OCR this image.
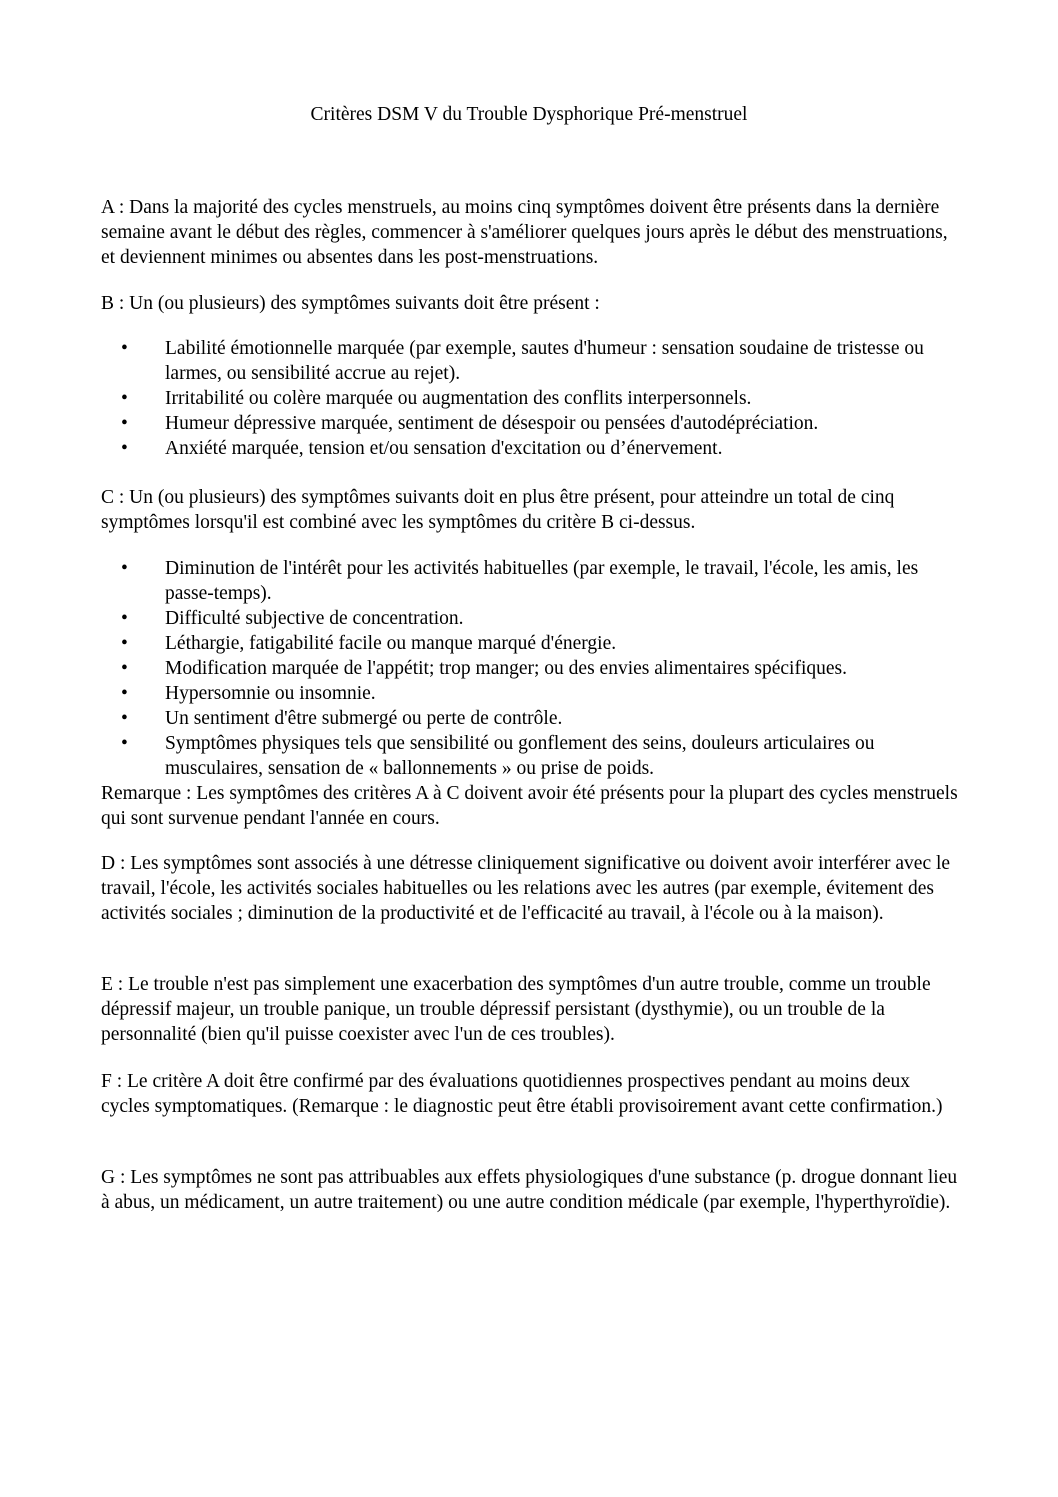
Critères DSM V du Trouble Dysphorique Pré-menstruel

A : Dans la majorité des cycles menstruels, au moins cinq symptômes doivent être présents dans la dernière semaine avant le début des règles, commencer à s'améliorer quelques jours après le début des menstruations, et deviennent minimes ou absentes dans les post-menstruations.

B : Un (ou plusieurs) des symptômes suivants doit être présent :

• Labilité émotionnelle marquée (par exemple, sautes d'humeur : sensation soudaine de tristesse ou larmes, ou sensibilité accrue au rejet).
• Irritabilité ou colère marquée ou augmentation des conflits interpersonnels.
• Humeur dépressive marquée, sentiment de désespoir ou pensées d'autodépréciation.
• Anxiété marquée, tension et/ou sensation d'excitation ou d’énervement.

C : Un (ou plusieurs) des symptômes suivants doit en plus être présent, pour atteindre un total de cinq symptômes lorsqu'il est combiné avec les symptômes du critère B ci-dessus.

• Diminution de l'intérêt pour les activités habituelles (par exemple, le travail, l'école, les amis, les passe-temps).
• Difficulté subjective de concentration.
• Léthargie, fatigabilité facile ou manque marqué d'énergie.
• Modification marquée de l'appétit; trop manger; ou des envies alimentaires spécifiques.
• Hypersomnie ou insomnie.
• Un sentiment d'être submergé ou perte de contrôle.
• Symptômes physiques tels que sensibilité ou gonflement des seins, douleurs articulaires ou musculaires, sensation de « ballonnements » ou prise de poids.

Remarque : Les symptômes des critères A à C doivent avoir été présents pour la plupart des cycles menstruels qui sont survenue pendant l'année en cours.

D : Les symptômes sont associés à une détresse cliniquement significative ou doivent avoir interférer avec le travail, l'école, les activités sociales habituelles ou les relations avec les autres (par exemple, évitement des activités sociales ; diminution de la productivité et de l'efficacité au travail, à l'école ou à la maison).

E : Le trouble n'est pas simplement une exacerbation des symptômes d'un autre trouble, comme un trouble dépressif majeur, un trouble panique, un trouble dépressif persistant (dysthymie), ou un trouble de la personnalité (bien qu'il puisse coexister avec l'un de ces troubles).

F : Le critère A doit être confirmé par des évaluations quotidiennes prospectives pendant au moins deux cycles symptomatiques. (Remarque : le diagnostic peut être établi provisoirement avant cette confirmation.)

G : Les symptômes ne sont pas attribuables aux effets physiologiques d'une substance (p. drogue donnant lieu à abus, un médicament, un autre traitement) ou une autre condition médicale (par exemple, l'hyperthyroïdie).
